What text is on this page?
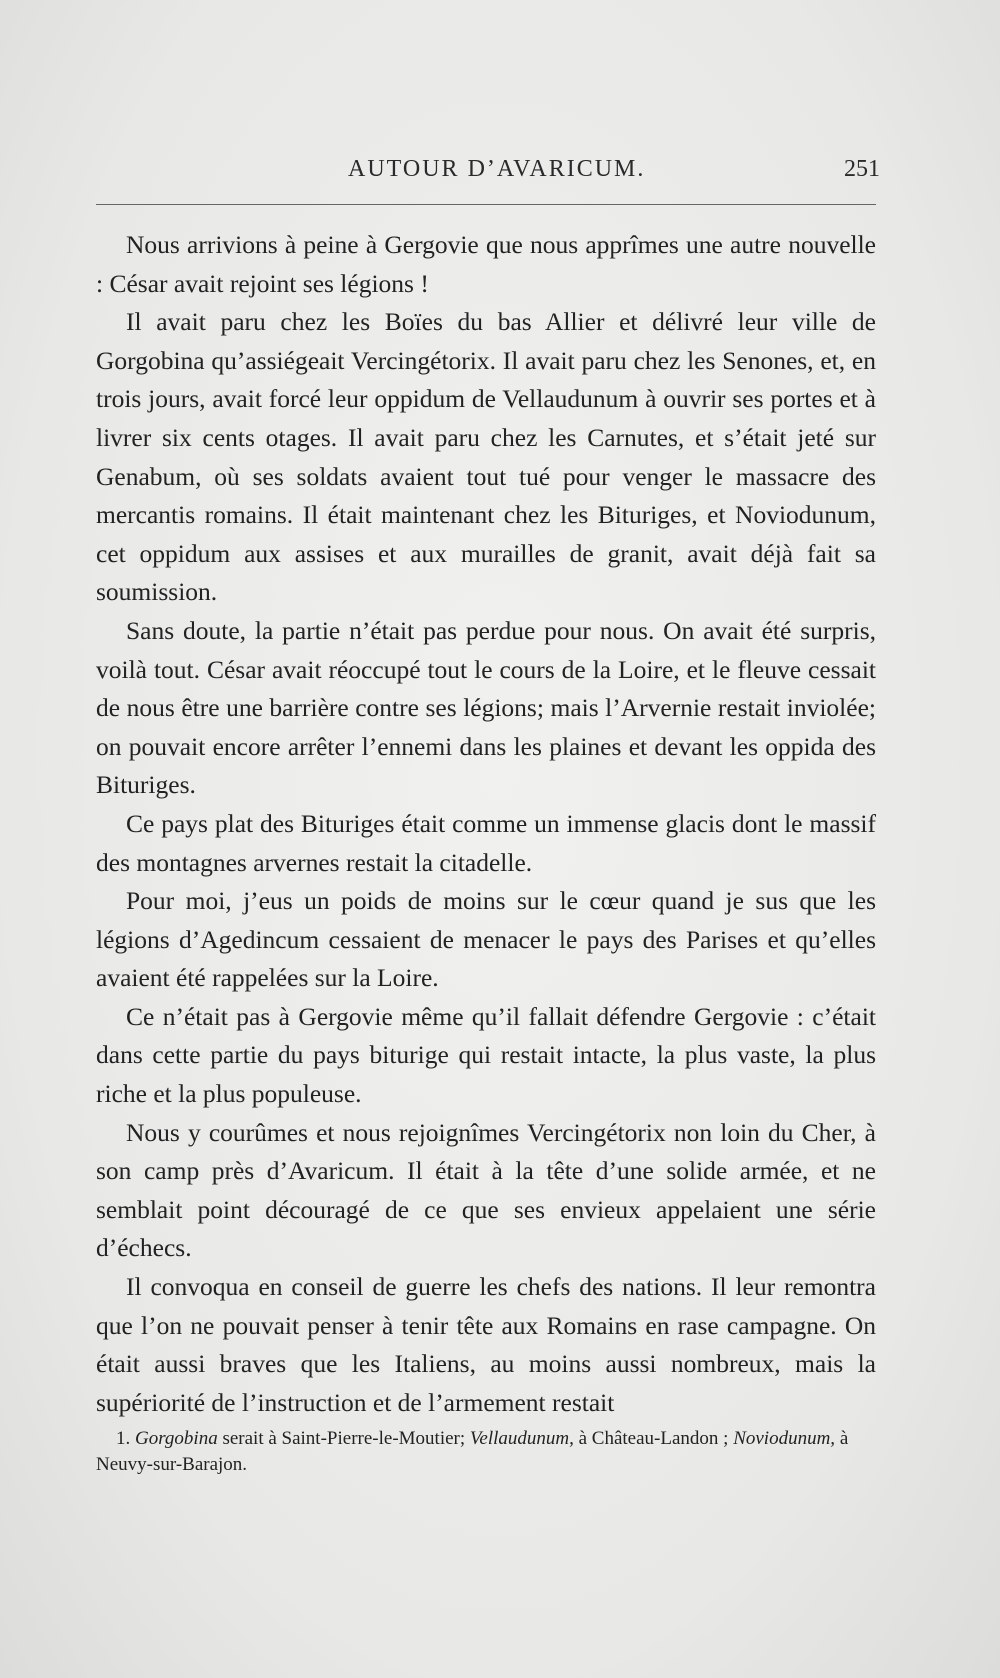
AUTOUR D’AVARICUM.	251

Nous arrivions à peine à Gergovie que nous apprîmes une autre nouvelle : César avait rejoint ses légions !

Il avait paru chez les Boïes du bas Allier et délivré leur ville de Gorgobina qu’assiégeait Vercingétorix. Il avait paru chez les Senones, et, en trois jours, avait forcé leur oppidum de Vellaudunum à ouvrir ses portes et à livrer six cents otages. Il avait paru chez les Carnutes, et s’était jeté sur Genabum, où ses soldats avaient tout tué pour venger le massacre des mercantis romains. Il était maintenant chez les Bituriges, et Noviodunum, cet oppidum aux assises et aux murailles de granit, avait déjà fait sa soumission.

Sans doute, la partie n’était pas perdue pour nous. On avait été surpris, voilà tout. César avait réoccupé tout le cours de la Loire, et le fleuve cessait de nous être une barrière contre ses légions; mais l’Arvernie restait inviolée; on pouvait encore arrêter l’ennemi dans les plaines et devant les oppida des Bituriges.

Ce pays plat des Bituriges était comme un immense glacis dont le massif des montagnes arvernes restait la citadelle.

Pour moi, j’eus un poids de moins sur le cœur quand je sus que les légions d’Agedincum cessaient de menacer le pays des Parises et qu’elles avaient été rappelées sur la Loire.

Ce n’était pas à Gergovie même qu’il fallait défendre Gergovie : c’était dans cette partie du pays biturige qui restait intacte, la plus vaste, la plus riche et la plus populeuse.

Nous y courûmes et nous rejoignîmes Vercingétorix non loin du Cher, à son camp près d’Avaricum. Il était à la tête d’une solide armée, et ne semblait point découragé de ce que ses envieux appelaient une série d’échecs.

Il convoqua en conseil de guerre les chefs des nations. Il leur remontra que l’on ne pouvait penser à tenir tête aux Romains en rase campagne. On était aussi braves que les Italiens, au moins aussi nombreux, mais la supériorité de l’instruction et de l’armement restait

1. Gorgobina serait à Saint-Pierre-le-Moutier; Vellaudunum, à Château-Landon ; Noviodunum, à Neuvy-sur-Barajon.
